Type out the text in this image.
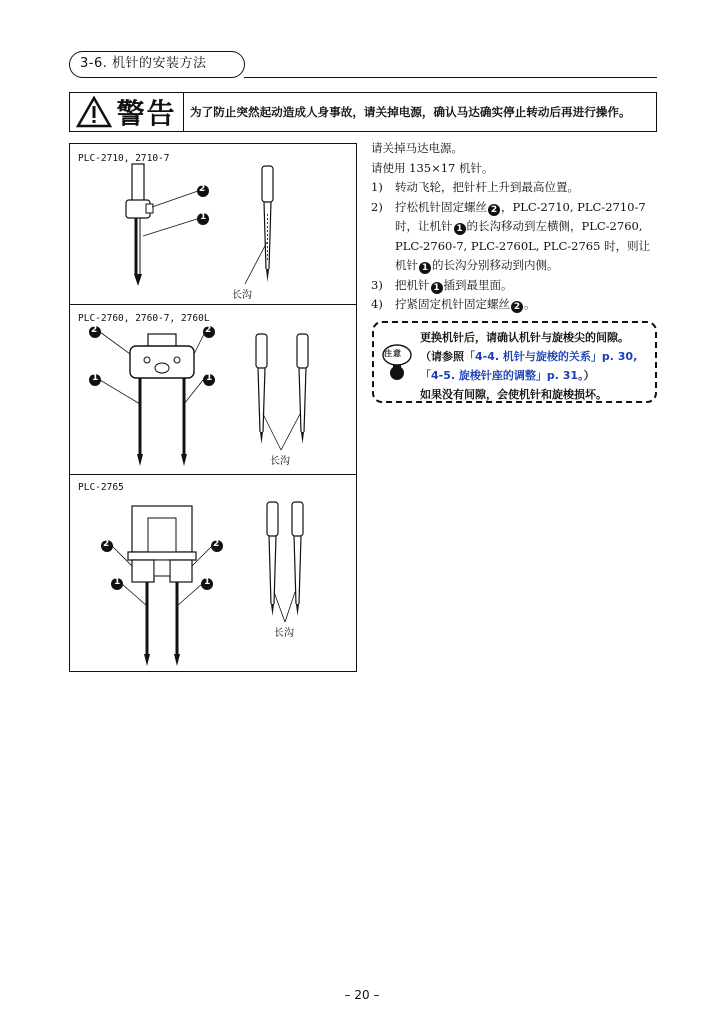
3-6. 机针的安装方法
警告	为了防止突然起动造成人身事故，请关掉电源，确认马达确实停止转动后再进行操作。
PLC-2710, 2710-7
2
1
长沟
PLC-2760, 2760-7, 2760L
2	2
1	1
长沟
PLC-2765
2	2
1	1
长沟

请关掉马达电源。

请使用 135×17 机针。

1)	转动飞轮，把针杆上升到最高位置。
2)	拧松机针固定螺丝 2 ，PLC-2710, PLC-2710-7 时，让机针 1 的长沟移动到左横侧，PLC-2760, PLC-2760-7, PLC-2760L, PLC-2765 时，则让机针 1 的长沟分别移动到内侧。
3)	把机针 1 插到最里面。
4)	拧紧固定机针固定螺丝 2 。
注意
更换机针后，请确认机针与旋梭尖的间隙。
（请参照「4-4. 机针与旋梭的关系」p. 30,
「4-5. 旋梭针座的调整」p. 31。）
如果没有间隙，会使机针和旋梭损坏。
– 20 –
